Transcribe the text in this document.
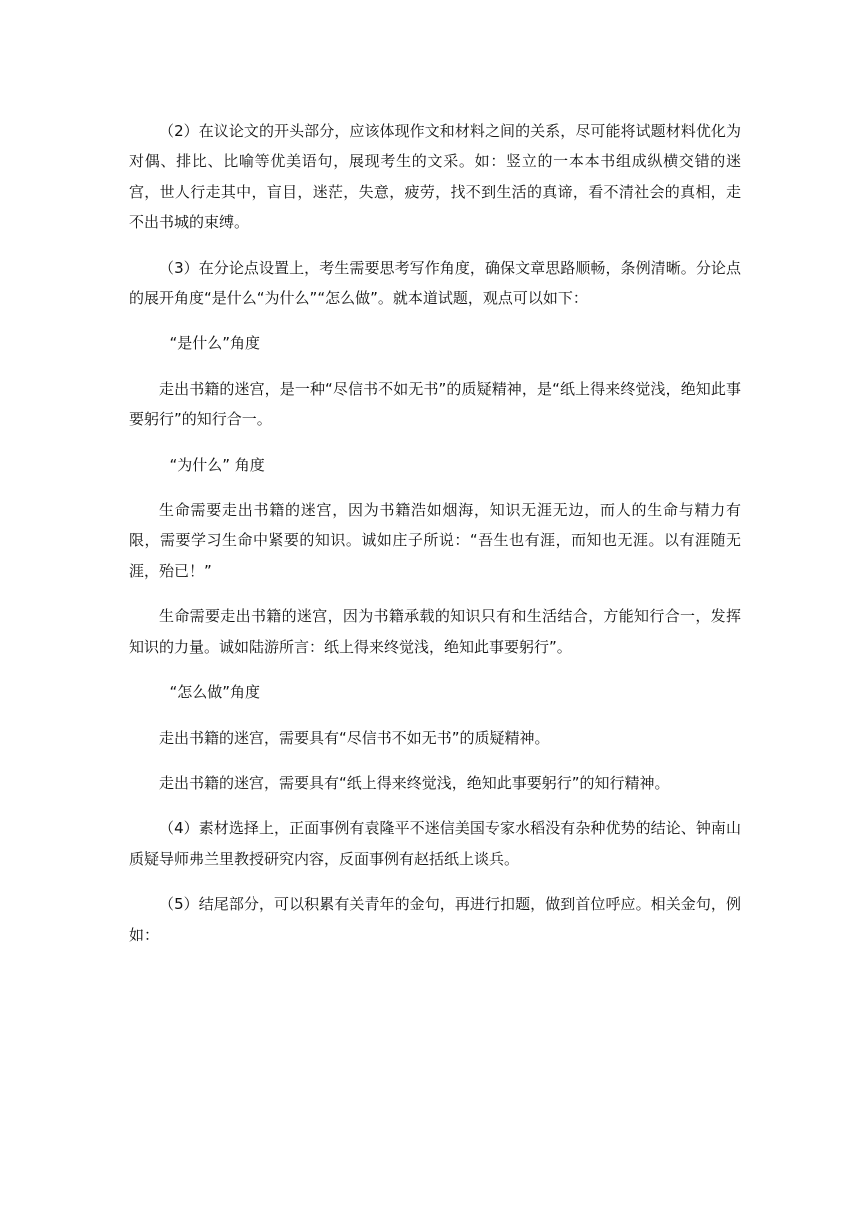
（2）在议论文的开头部分，应该体现作文和材料之间的关系，尽可能将试题材料优化为对偶、排比、比喻等优美语句，展现考生的文采。如：竖立的一本本书组成纵横交错的迷宫，世人行走其中，盲目，迷茫，失意，疲劳，找不到生活的真谛，看不清社会的真相，走不出书城的束缚。

（3）在分论点设置上，考生需要思考写作角度，确保文章思路顺畅，条例清晰。分论点的展开角度“是什么“为什么”“怎么做”。就本道试题，观点可以如下：

“是什么”角度

走出书籍的迷宫，是一种“尽信书不如无书”的质疑精神，是“纸上得来终觉浅，绝知此事要躬行”的知行合一。

“为什么” 角度

生命需要走出书籍的迷宫，因为书籍浩如烟海，知识无涯无边，而人的生命与精力有限，需要学习生命中紧要的知识。诚如庄子所说：“吾生也有涯，而知也无涯。以有涯随无涯，殆已！”

生命需要走出书籍的迷宫，因为书籍承载的知识只有和生活结合，方能知行合一，发挥知识的力量。诚如陆游所言：纸上得来终觉浅，绝知此事要躬行”。

“怎么做”角度

走出书籍的迷宫，需要具有“尽信书不如无书”的质疑精神。

走出书籍的迷宫，需要具有“纸上得来终觉浅，绝知此事要躬行”的知行精神。

（4）素材选择上，正面事例有袁隆平不迷信美国专家水稻没有杂种优势的结论、钟南山质疑导师弗兰里教授研究内容，反面事例有赵括纸上谈兵。

（5）结尾部分，可以积累有关青年的金句，再进行扣题，做到首位呼应。相关金句，例如：
